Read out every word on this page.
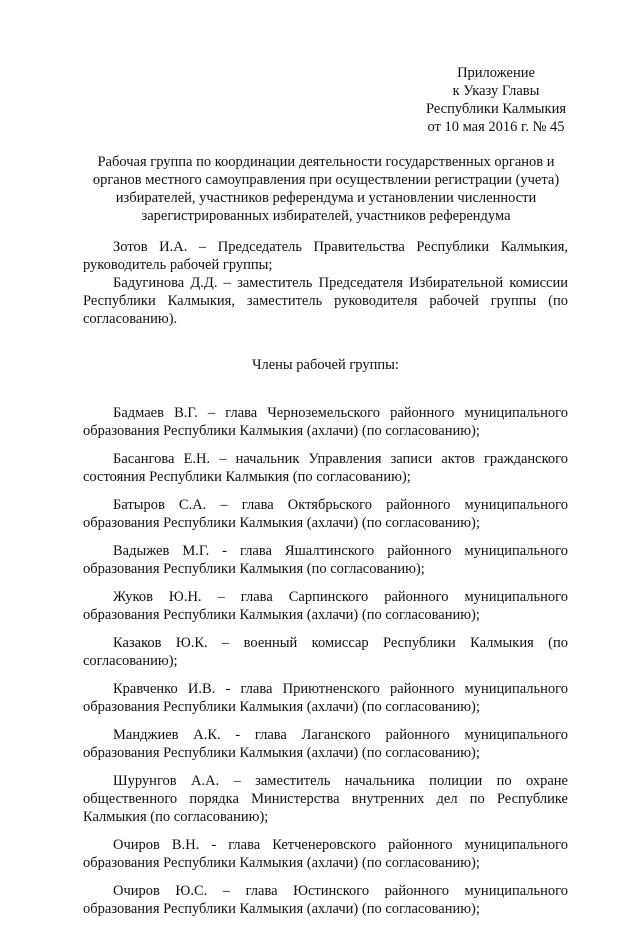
Приложение
к Указу Главы
Республики Калмыкия
от 10 мая 2016 г. № 45
Рабочая группа по координации деятельности государственных органов и органов местного самоуправления при осуществлении регистрации (учета) избирателей, участников референдума и установлении численности зарегистрированных избирателей, участников референдума

Зотов И.А. – Председатель Правительства Республики Калмыкия, руководитель рабочей группы;

Бадугинова Д.Д. – заместитель Председателя Избирательной комиссии Республики Калмыкия, заместитель руководителя рабочей группы (по согласованию).

Члены рабочей группы:

Бадмаев В.Г. – глава Черноземельского районного муниципального образования Республики Калмыкия (ахлачи) (по согласованию);

Басангова Е.Н. – начальник Управления записи актов гражданского состояния Республики Калмыкия (по согласованию);

Батыров С.А. – глава Октябрьского районного муниципального образования Республики Калмыкия (ахлачи) (по согласованию);

Вадыжев М.Г. - глава Яшалтинского районного муниципального образования Республики Калмыкия (по согласованию);

Жуков Ю.Н. – глава Сарпинского районного муниципального образования Республики Калмыкия (ахлачи) (по согласованию);

Казаков Ю.К. – военный комиссар Республики Калмыкия (по согласованию);

Кравченко И.В. - глава Приютненского районного муниципального образования Республики Калмыкия (ахлачи) (по согласованию);

Манджиев А.К. - глава Лаганского районного муниципального образования Республики Калмыкия (ахлачи) (по согласованию);

Шурунгов А.А. – заместитель начальника полиции по охране общественного порядка Министерства внутренних дел по Республике Калмыкия (по согласованию);

Очиров В.Н. - глава Кетченеровского районного муниципального образования Республики Калмыкия (ахлачи) (по согласованию);

Очиров Ю.С. – глава Юстинского районного муниципального образования Республики Калмыкия (ахлачи) (по согласованию);
